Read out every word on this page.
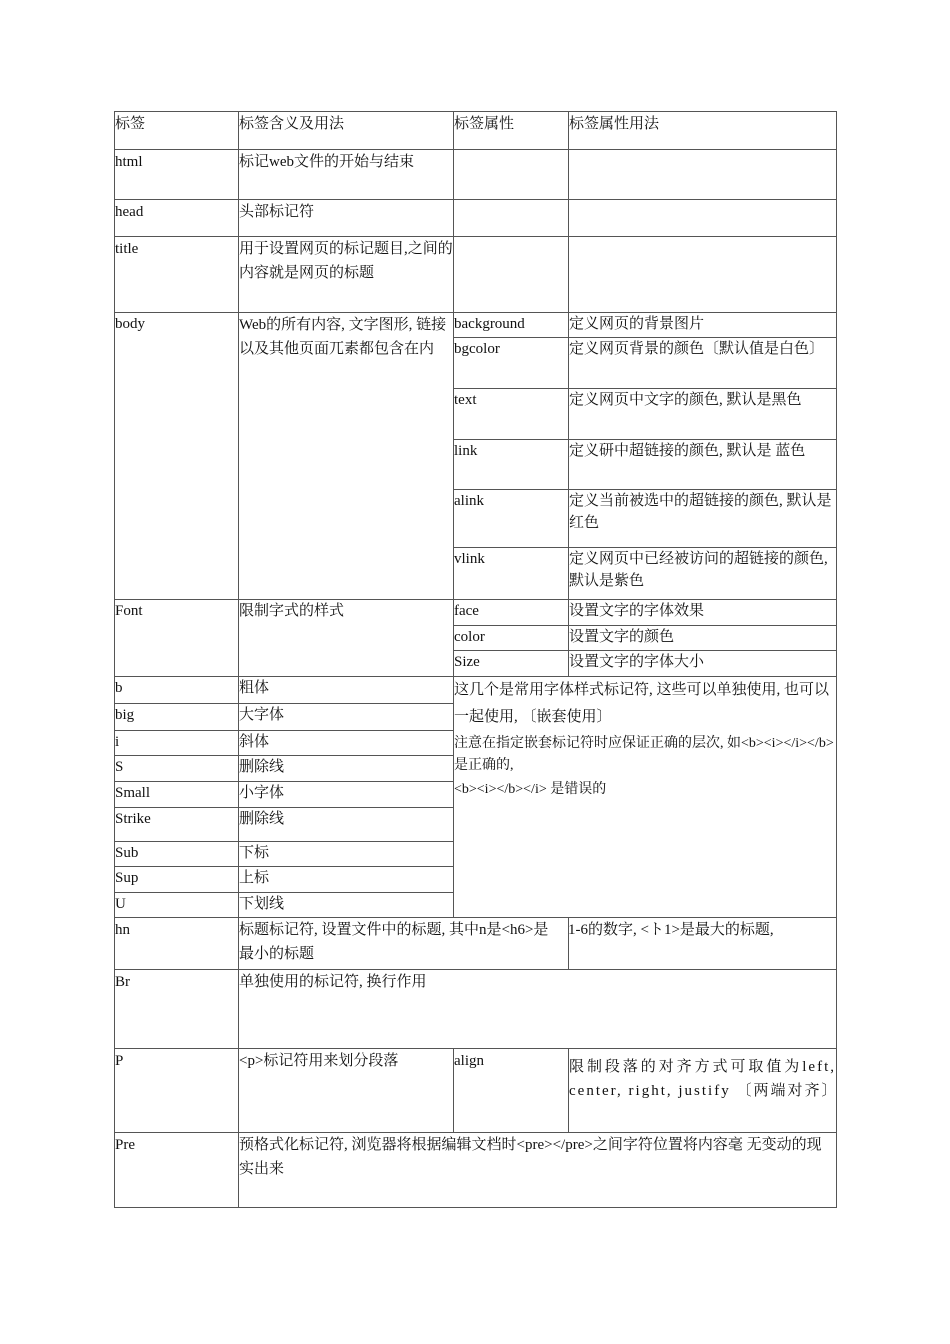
标签	标签含义及用法	标签属性	标签属性用法
html	标记web文件的开始与结束		
head	头部标记符		
title	用于设置网页的标记题目,之间的内容就是网页的标题		
body	Web的所有内容, 文字图形, 链接以及其他页面兀素都包含在内	background	定义网页的背景图片
		bgcolor	定义网页背景的颜色〔默认值是白色〕
		text	定义网页中文字的颜色, 默认是黑色
		link	定义研中超链接的颜色, 默认是 蓝色
		alink	定义当前被选中的超链接的颜色, 默认是红色
		vlink	定义网页中已经被访问的超链接的颜色, 默认是紫色
Font	限制字式的样式	face	设置文字的字体效果
		color	设置文字的颜色
		Size	设置文字的字体大小
b	粗体	这几个是常用字体样式标记符, 这些可以单独使用, 也可以一起使用, 〔嵌套使用〕
注意在指定嵌套标记符时应保证正确的层次, 如<b><i></i></b>是正确的,
<b><i></b></i> 是错误的	

big	大字体		
i	斜体		
S	删除线		
Small	小字体		
Strike	删除线		
Sub	下标		
Sup	上标		
U	下划线		
hn	标题标记符, 设置文件中的标题, 其中n是<h6>是最小的标题		1-6的数字, <ト1>是最大的标题,

Br	单独使用的标记符, 换行作用		
P	<p>标记符用来划分段落	align	限制段落的对齐方式可取值为left, center, right, justify 〔两端对齐〕
Pre	预格式化标记符, 浏览器将根据编辑文档时<pre></pre>之间字符位置将内容毫 无变动的现实出来		
